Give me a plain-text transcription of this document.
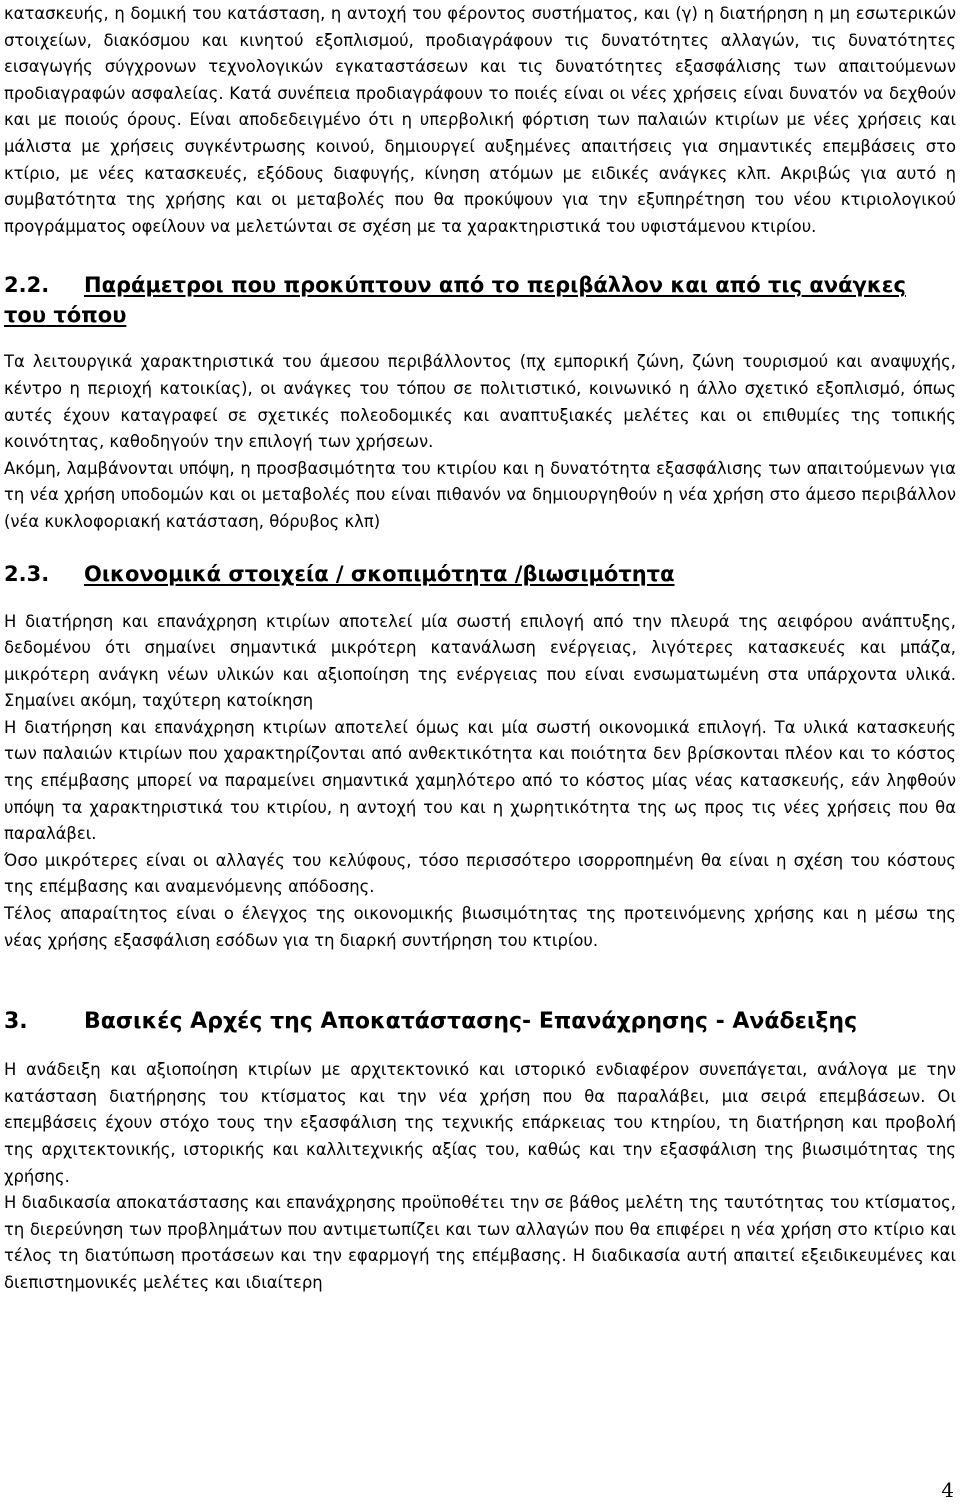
κατασκευής, η δομική του κατάσταση, η αντοχή του φέροντος συστήματος, και (γ) η διατήρηση η μη εσωτερικών στοιχείων, διακόσμου και κινητού εξοπλισμού, προδιαγράφουν τις δυνατότητες αλλαγών, τις δυνατότητες εισαγωγής σύγχρονων τεχνολογικών εγκαταστάσεων και τις δυνατότητες εξασφάλισης των απαιτούμενων προδιαγραφών ασφαλείας. Κατά συνέπεια προδιαγράφουν το ποιές είναι οι νέες χρήσεις είναι δυνατόν να δεχθούν και με ποιούς όρους. Είναι αποδεδειγμένο ότι η υπερβολική φόρτιση των παλαιών κτιρίων με νέες χρήσεις και μάλιστα με χρήσεις συγκέντρωσης κοινού, δημιουργεί αυξημένες απαιτήσεις για σημαντικές επεμβάσεις στο κτίριο, με νέες κατασκευές, εξόδους διαφυγής, κίνηση ατόμων με ειδικές ανάγκες κλπ. Ακριβώς για αυτό η συμβατότητα της χρήσης και οι μεταβολές που θα προκύψουν για την εξυπηρέτηση του νέου κτιριολογικού προγράμματος οφείλουν να μελετώνται σε σχέση με τα χαρακτηριστικά του υφιστάμενου κτιρίου.

2.2. Παράμετροι που προκύπτουν από το περιβάλλον και από τις ανάγκες
του τόπου

Τα λειτουργικά χαρακτηριστικά του άμεσου περιβάλλοντος (πχ εμπορική ζώνη, ζώνη τουρισμού και αναψυχής, κέντρο η περιοχή κατοικίας), οι ανάγκες του τόπου σε πολιτιστικό, κοινωνικό η άλλο σχετικό εξοπλισμό, όπως αυτές έχουν καταγραφεί σε σχετικές πολεοδομικές και αναπτυξιακές μελέτες και οι επιθυμίες της τοπικής κοινότητας, καθοδηγούν την επιλογή των χρήσεων.

Ακόμη, λαμβάνονται υπόψη, η προσβασιμότητα του κτιρίου και η δυνατότητα εξασφάλισης των απαιτούμενων για τη νέα χρήση υποδομών και οι μεταβολές που είναι πιθανόν να δημιουργηθούν η νέα χρήση στο άμεσο περιβάλλον (νέα κυκλοφοριακή κατάσταση, θόρυβος κλπ)

2.3.	Οικονομικά στοιχεία / σκοπιμότητα /βιωσιμότητα

Η διατήρηση και επανάχρηση κτιρίων αποτελεί μία σωστή επιλογή από την πλευρά της αειφόρου ανάπτυξης, δεδομένου ότι σημαίνει σημαντικά μικρότερη κατανάλωση ενέργειας, λιγότερες κατασκευές και μπάζα, μικρότερη ανάγκη νέων υλικών και αξιοποίηση της ενέργειας που είναι ενσωματωμένη στα υπάρχοντα υλικά. Σημαίνει ακόμη, ταχύτερη κατοίκηση

Η διατήρηση και επανάχρηση κτιρίων αποτελεί όμως και μία σωστή οικονομικά επιλογή. Τα υλικά κατασκευής των παλαιών κτιρίων που χαρακτηρίζονται από ανθεκτικότητα και ποιότητα δεν βρίσκονται πλέον και το κόστος της επέμβασης μπορεί να παραμείνει σημαντικά χαμηλότερο από το κόστος μίας νέας κατασκευής, εάν ληφθούν υπόψη τα χαρακτηριστικά του κτιρίου, η αντοχή του και η χωρητικότητα της ως προς τις νέες χρήσεις που θα παραλάβει.

Όσο μικρότερες είναι οι αλλαγές του κελύφους, τόσο περισσότερο ισορροπημένη θα είναι η σχέση του κόστους της επέμβασης και αναμενόμενης απόδοσης.

Τέλος απαραίτητος είναι ο έλεγχος της οικονομικής βιωσιμότητας της προτεινόμενης χρήσης και η μέσω της νέας χρήσης εξασφάλιση εσόδων για τη διαρκή συντήρηση του κτιρίου.

3.	Βασικές Αρχές της Αποκατάστασης- Επανάχρησης - Ανάδειξης

Η ανάδειξη και αξιοποίηση κτιρίων με αρχιτεκτονικό και ιστορικό ενδιαφέρον συνεπάγεται, ανάλογα με την κατάσταση διατήρησης του κτίσματος και την νέα χρήση που θα παραλάβει, μια σειρά επεμβάσεων. Οι επεμβάσεις έχουν στόχο τους την εξασφάλιση της τεχνικής επάρκειας του κτηρίου, τη διατήρηση και προβολή της αρχιτεκτονικής, ιστορικής και καλλιτεχνικής αξίας του, καθώς και την εξασφάλιση της βιωσιμότητας της χρήσης.

Η διαδικασία αποκατάστασης και επανάχρησης προϋποθέτει την σε βάθος μελέτη της ταυτότητας του κτίσματος, τη διερεύνηση των προβλημάτων που αντιμετωπίζει και των αλλαγών που θα επιφέρει η νέα χρήση στο κτίριο και τέλος τη διατύπωση προτάσεων και την εφαρμογή της επέμβασης. Η διαδικασία αυτή απαιτεί εξειδικευμένες και διεπιστημονικές μελέτες και ιδιαίτερη

4
